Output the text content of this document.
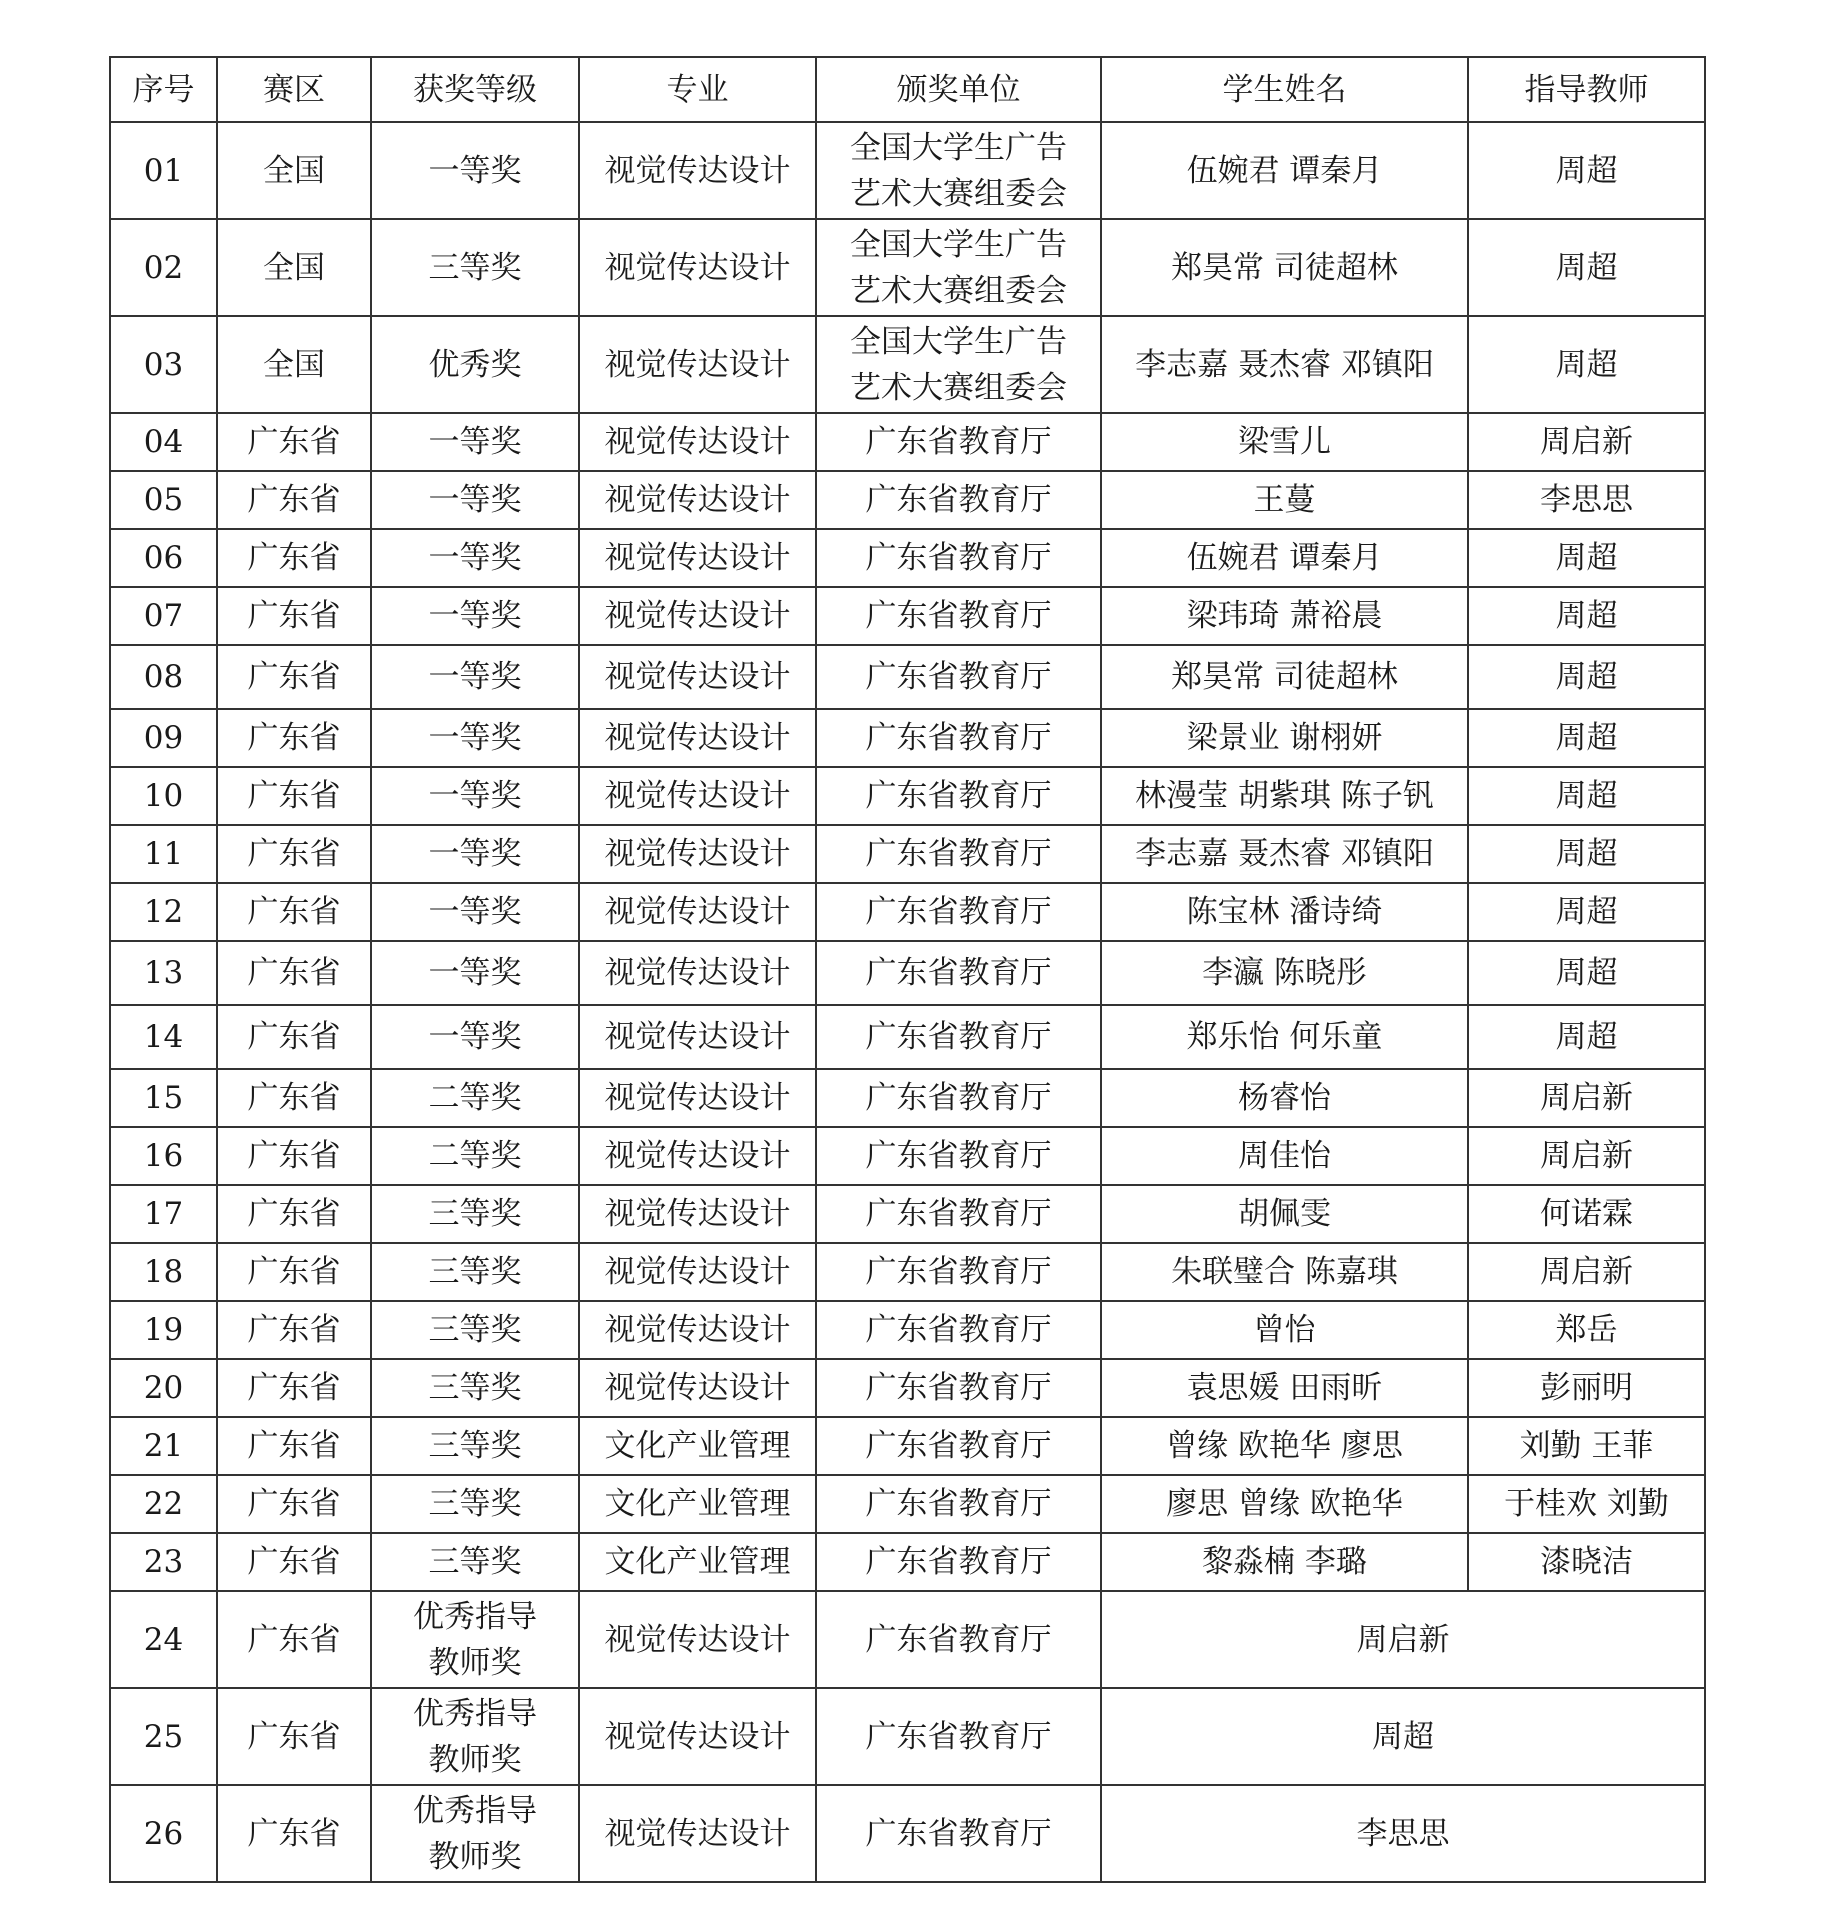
序号	赛区	获奖等级	专业	颁奖单位	学生姓名	指导教师
01	全国	一等奖	视觉传达设计	全国大学生广告
艺术大赛组委会	伍婉君 谭秦月	周超
02	全国	三等奖	视觉传达设计	全国大学生广告
艺术大赛组委会	郑昊常 司徒超林	周超
03	全国	优秀奖	视觉传达设计	全国大学生广告
艺术大赛组委会	李志嘉 聂杰睿 邓镇阳	周超
04	广东省	一等奖	视觉传达设计	广东省教育厅	梁雪儿	周启新
05	广东省	一等奖	视觉传达设计	广东省教育厅	王蔓	李思思
06	广东省	一等奖	视觉传达设计	广东省教育厅	伍婉君 谭秦月	周超
07	广东省	一等奖	视觉传达设计	广东省教育厅	梁玮琦 萧裕晨	周超
08	广东省	一等奖	视觉传达设计	广东省教育厅	郑昊常 司徒超林	周超
09	广东省	一等奖	视觉传达设计	广东省教育厅	梁景业 谢栩妍	周超
10	广东省	一等奖	视觉传达设计	广东省教育厅	林漫莹 胡紫琪 陈子钒	周超
11	广东省	一等奖	视觉传达设计	广东省教育厅	李志嘉 聂杰睿 邓镇阳	周超
12	广东省	一等奖	视觉传达设计	广东省教育厅	陈宝林 潘诗绮	周超
13	广东省	一等奖	视觉传达设计	广东省教育厅	李瀛 陈晓彤	周超
14	广东省	一等奖	视觉传达设计	广东省教育厅	郑乐怡 何乐童	周超
15	广东省	二等奖	视觉传达设计	广东省教育厅	杨睿怡	周启新
16	广东省	二等奖	视觉传达设计	广东省教育厅	周佳怡	周启新
17	广东省	三等奖	视觉传达设计	广东省教育厅	胡佩雯	何诺霖
18	广东省	三等奖	视觉传达设计	广东省教育厅	朱联璧合 陈嘉琪	周启新
19	广东省	三等奖	视觉传达设计	广东省教育厅	曾怡	郑岳
20	广东省	三等奖	视觉传达设计	广东省教育厅	袁思媛 田雨昕	彭丽明
21	广东省	三等奖	文化产业管理	广东省教育厅	曾缘 欧艳华 廖思	刘勤 王菲
22	广东省	三等奖	文化产业管理	广东省教育厅	廖思 曾缘 欧艳华	于桂欢 刘勤
23	广东省	三等奖	文化产业管理	广东省教育厅	黎淼楠 李璐	漆晓洁
24	广东省	优秀指导
教师奖	视觉传达设计	广东省教育厅	周启新	
25	广东省	优秀指导
教师奖	视觉传达设计	广东省教育厅	周超	
26	广东省	优秀指导
教师奖	视觉传达设计	广东省教育厅	李思思	
